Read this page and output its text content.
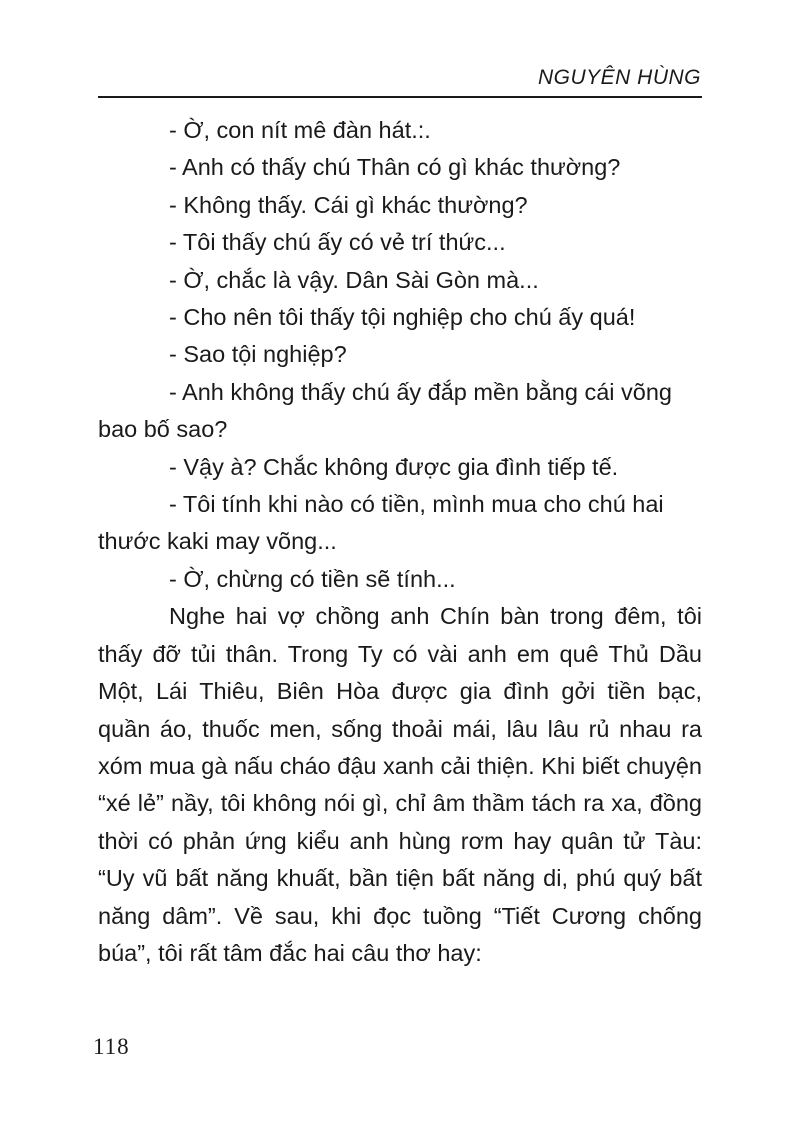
NGUYÊN HÙNG

- Ờ, con nít mê đàn hát.:.

- Anh có thấy chú Thân có gì khác thường?

- Không thấy. Cái gì khác thường?

- Tôi thấy chú ấy có vẻ trí thức...

- Ờ, chắc là vậy. Dân Sài Gòn mà...

- Cho nên tôi thấy tội nghiệp cho chú ấy quá!

- Sao tội nghiệp?

- Anh không thấy chú ấy đắp mền bằng cái võng bao bố sao?

- Vậy à? Chắc không được gia đình tiếp tế.

- Tôi tính khi nào có tiền, mình mua cho chú hai thước kaki may võng...

- Ờ, chừng có tiền sẽ tính...

Nghe hai vợ chồng anh Chín bàn trong đêm, tôi thấy đỡ tủi thân. Trong Ty có vài anh em quê Thủ Dầu Một, Lái Thiêu, Biên Hòa được gia đình gởi tiền bạc, quần áo, thuốc men, sống thoải mái, lâu lâu rủ nhau ra xóm mua gà nấu cháo đậu xanh cải thiện. Khi biết chuyện “xé lẻ” nầy, tôi không nói gì, chỉ âm thầm tách ra xa, đồng thời có phản ứng kiểu anh hùng rơm hay quân tử Tàu: “Uy vũ bất năng khuất, bần tiện bất năng di, phú quý bất năng dâm”. Về sau, khi đọc tuồng “Tiết Cương chống búa”, tôi rất tâm đắc hai câu thơ hay:

118
